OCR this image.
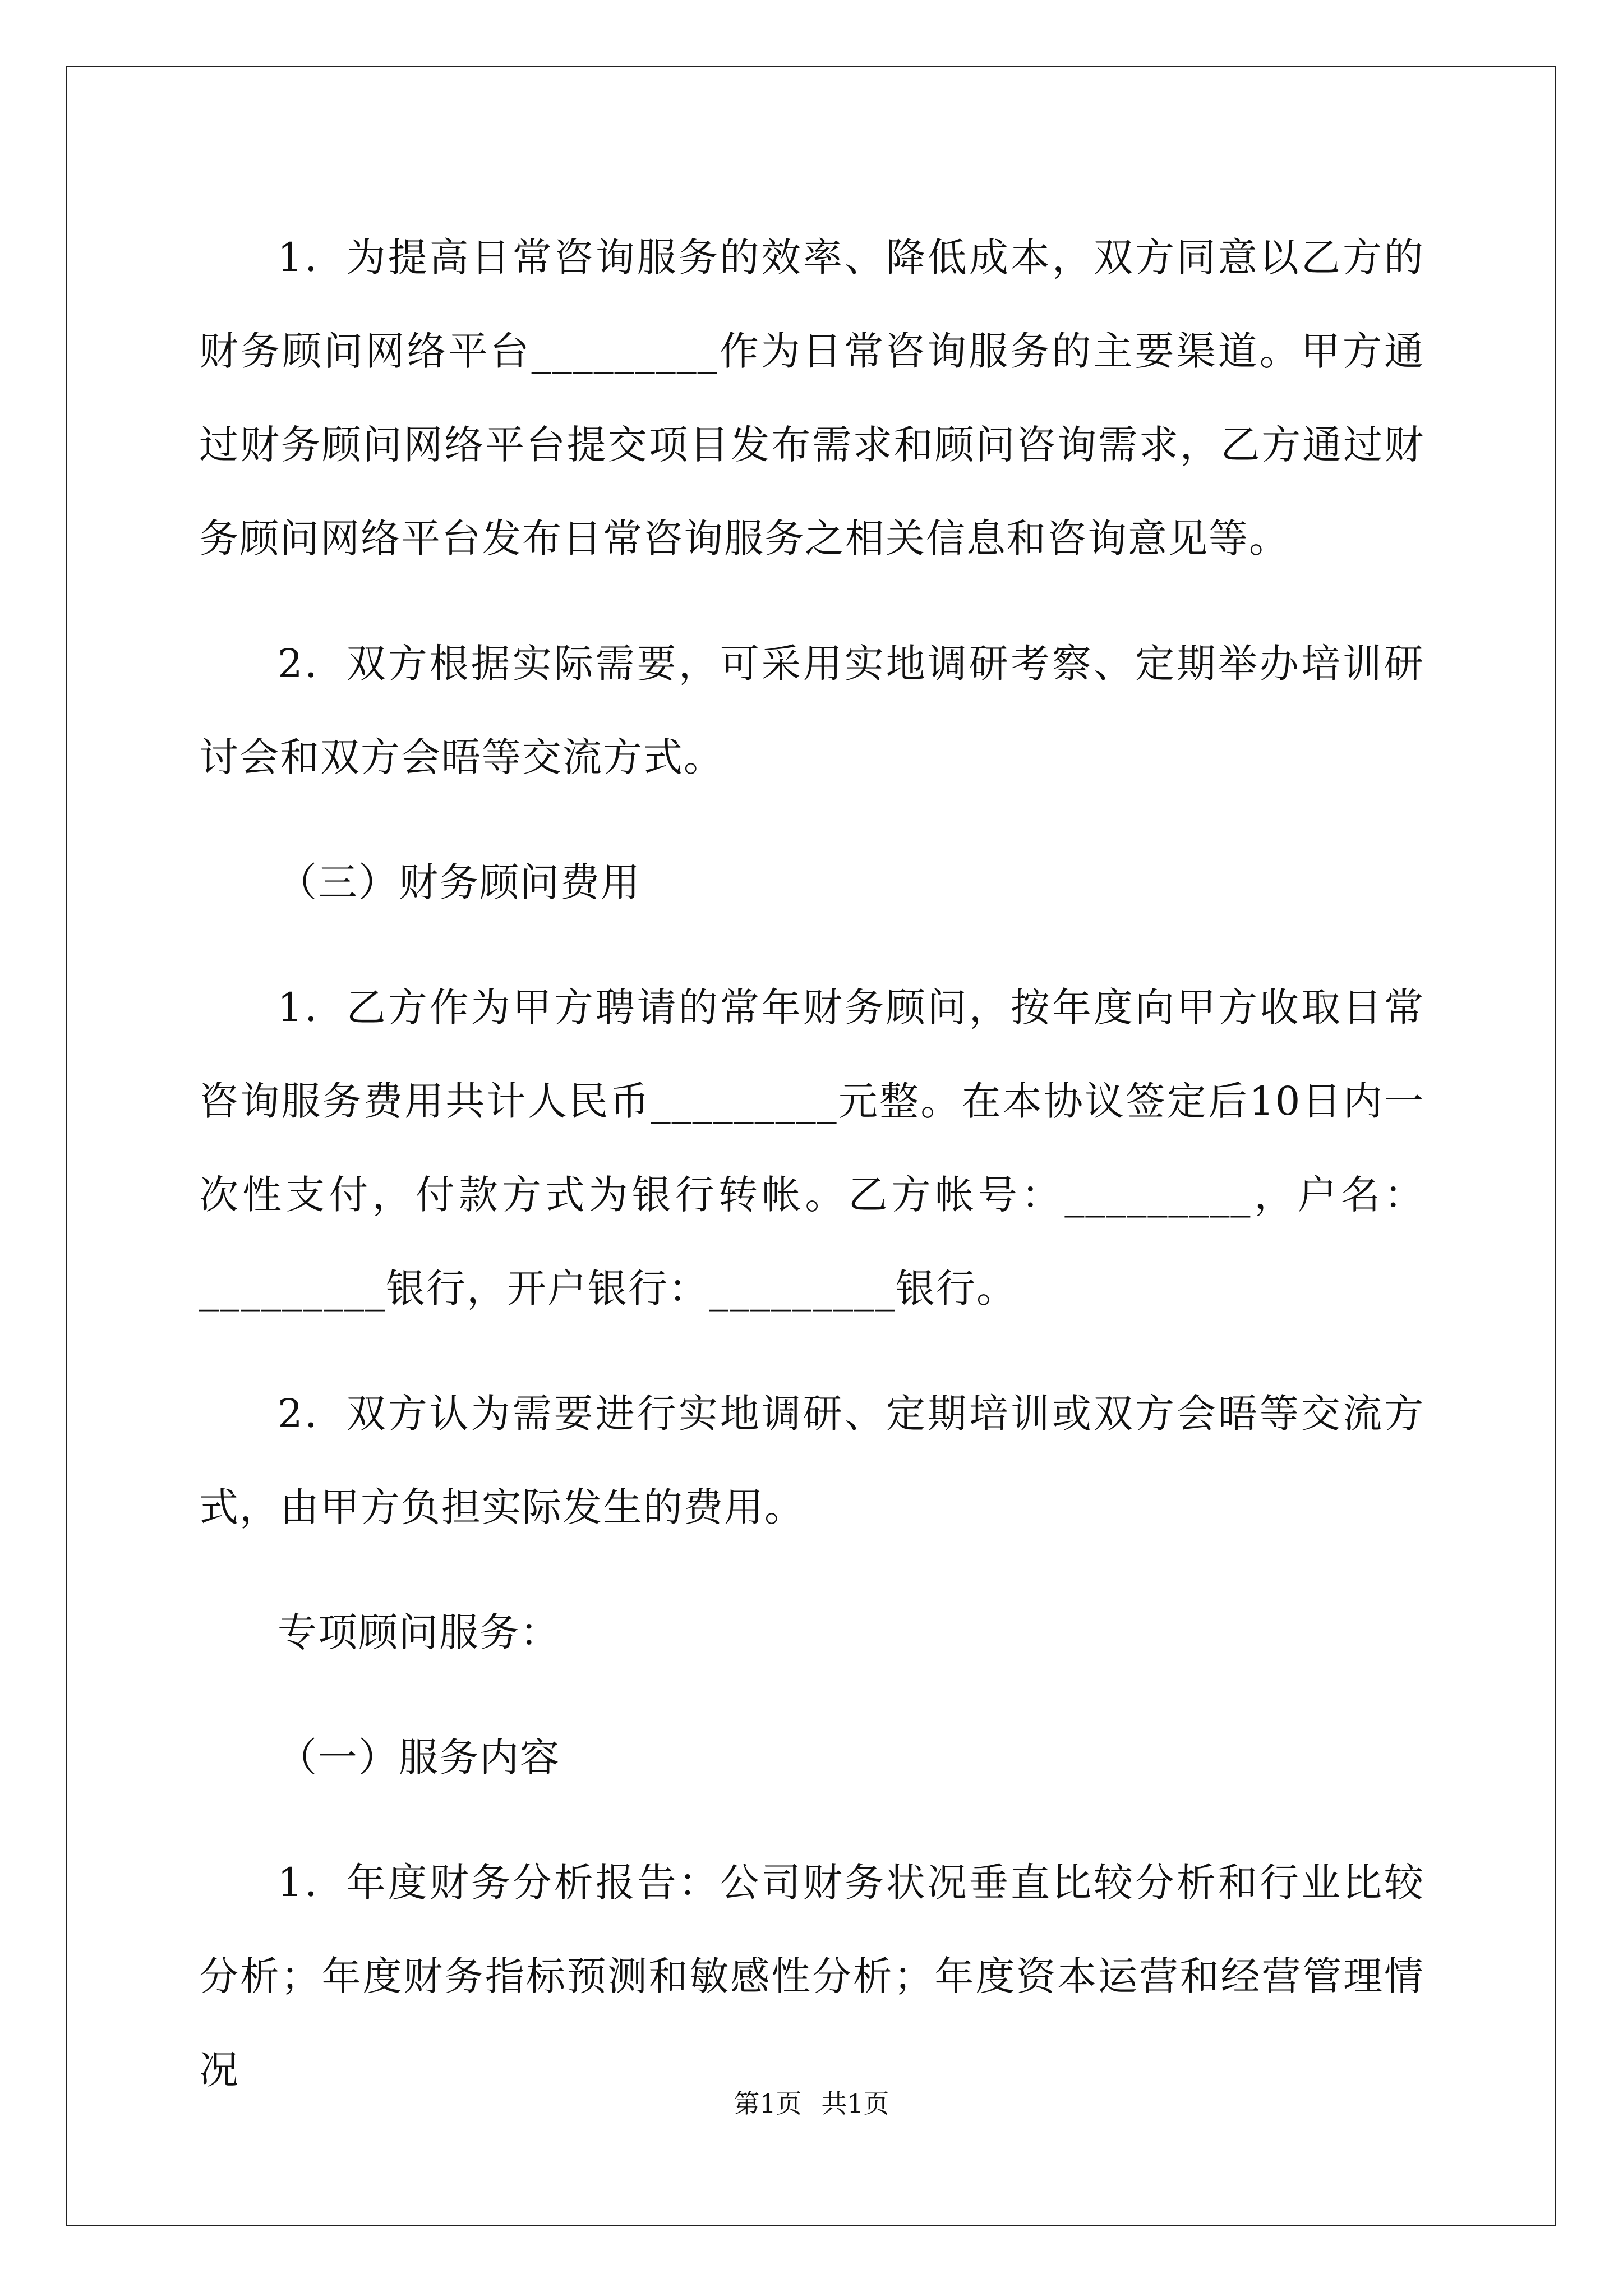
1．为提高日常咨询服务的效率、降低成本，双方同意以乙方的财务顾问网络平台_________作为日常咨询服务的主要渠道。甲方通过财务顾问网络平台提交项目发布需求和顾问咨询需求，乙方通过财务顾问网络平台发布日常咨询服务之相关信息和咨询意见等。

2．双方根据实际需要，可采用实地调研考察、定期举办培训研讨会和双方会晤等交流方式。

（三）财务顾问费用

1．乙方作为甲方聘请的常年财务顾问，按年度向甲方收取日常咨询服务费用共计人民币_________元整。在本协议签定后10日内一次性支付，付款方式为银行转帐。乙方帐号：_________，户名：_________银行，开户银行：_________银行。

2．双方认为需要进行实地调研、定期培训或双方会晤等交流方式，由甲方负担实际发生的费用。

专项顾问服务：

（一）服务内容

1．年度财务分析报告：公司财务状况垂直比较分析和行业比较分析；年度财务指标预测和敏感性分析；年度资本运营和经营管理情况

第1页 共1页
